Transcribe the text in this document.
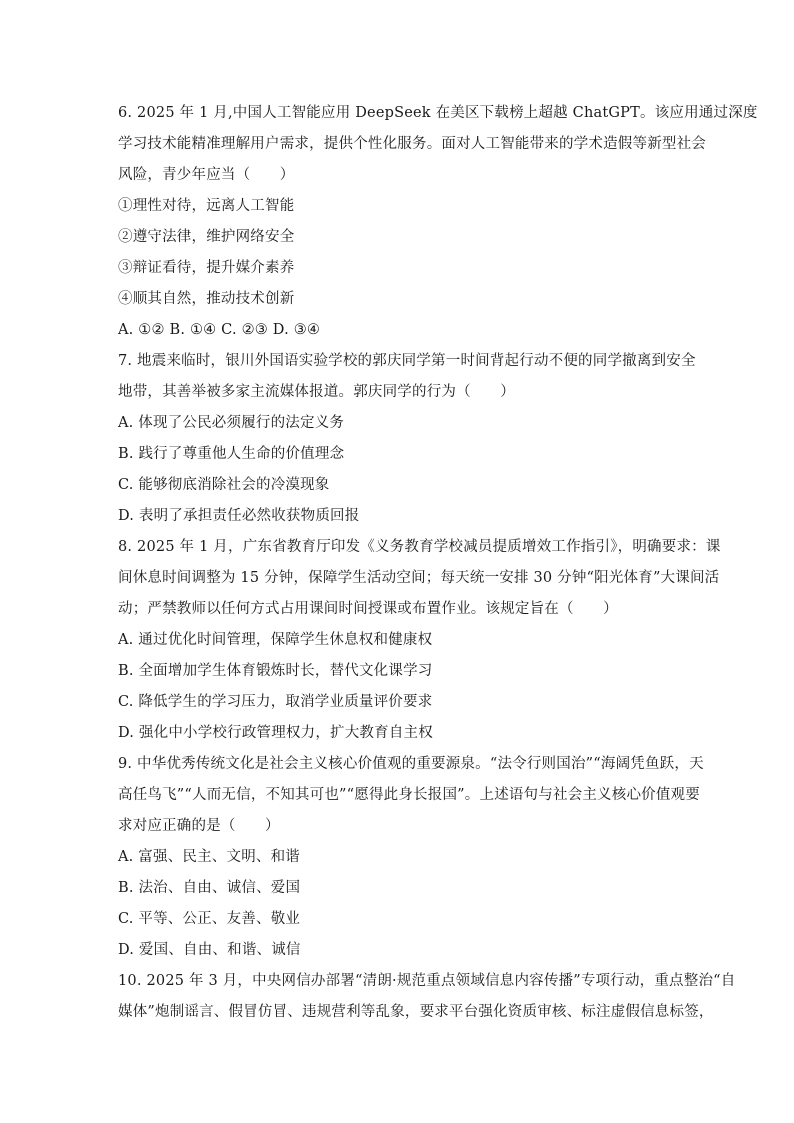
6. 2025 年 1 月,中国人工智能应用 DeepSeek 在美区下载榜上超越 ChatGPT。该应用通过深度
学习技术能精准理解用户需求，提供个性化服务。面对人工智能带来的学术造假等新型社会
风险，青少年应当（　　）
①理性对待，远离人工智能
②遵守法律，维护网络安全
③辩证看待，提升媒介素养
④顺其自然，推动技术创新
A. ①② B. ①④ C. ②③ D. ③④
7. 地震来临时，银川外国语实验学校的郭庆同学第一时间背起行动不便的同学撤离到安全
地带，其善举被多家主流媒体报道。郭庆同学的行为（　　）
A. 体现了公民必须履行的法定义务
B. 践行了尊重他人生命的价值理念
C. 能够彻底消除社会的冷漠现象
D. 表明了承担责任必然收获物质回报
8. 2025 年 1 月，广东省教育厅印发《义务教育学校减员提质增效工作指引》，明确要求：课
间休息时间调整为 15 分钟，保障学生活动空间；每天统一安排 30 分钟“阳光体育”大课间活
动；严禁教师以任何方式占用课间时间授课或布置作业。该规定旨在（　　）
A. 通过优化时间管理，保障学生休息权和健康权
B. 全面增加学生体育锻炼时长，替代文化课学习
C. 降低学生的学习压力，取消学业质量评价要求
D. 强化中小学校行政管理权力，扩大教育自主权
9. 中华优秀传统文化是社会主义核心价值观的重要源泉。“法令行则国治”“海阔凭鱼跃，天
高任鸟飞”“人而无信，不知其可也”“愿得此身长报国”。上述语句与社会主义核心价值观要
求对应正确的是（　　）
A. 富强、民主、文明、和谐
B. 法治、自由、诚信、爱国
C. 平等、公正、友善、敬业
D. 爱国、自由、和谐、诚信
10. 2025 年 3 月，中央网信办部署“清朗·规范重点领域信息内容传播”专项行动，重点整治“自
媒体”炮制谣言、假冒仿冒、违规营利等乱象，要求平台强化资质审核、标注虚假信息标签，
